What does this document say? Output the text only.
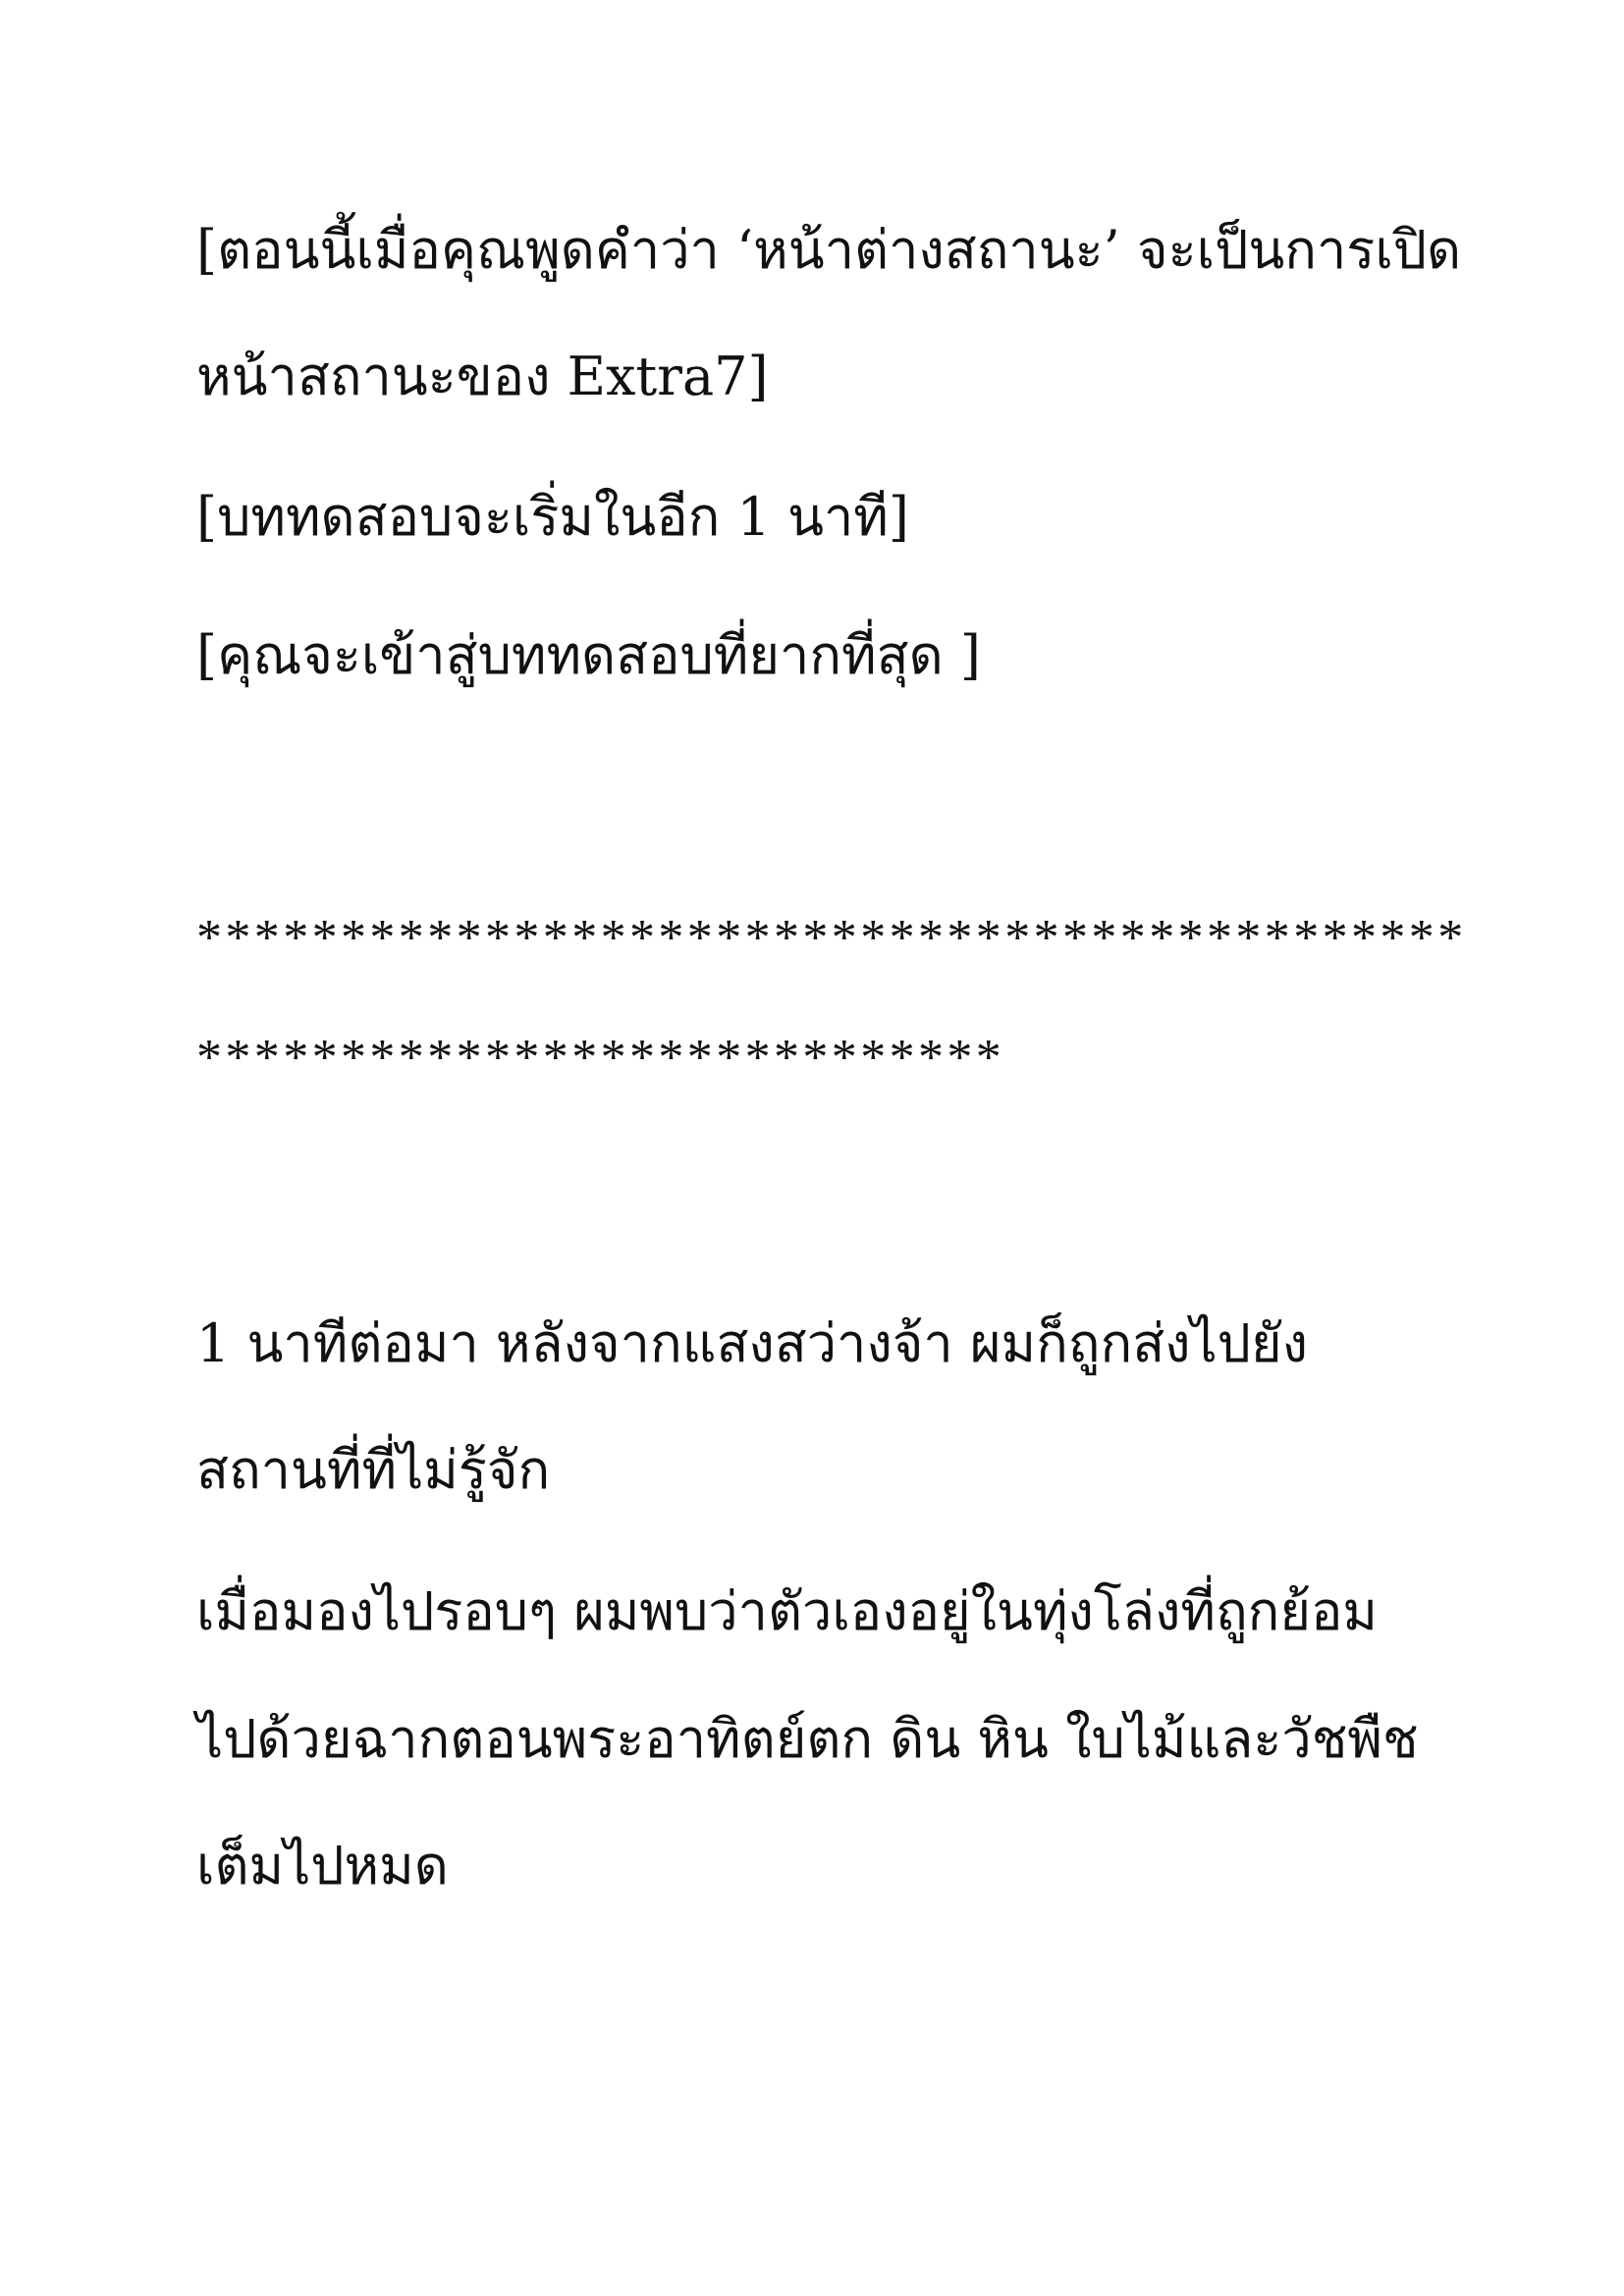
[ตอนนี้เมื่อคุณพูดคำว่า ‘หน้าต่างสถานะ’ จะเป็นการเปิด
หน้าสถานะของ Extra7]
[บททดสอบจะเริ่มในอีก 1 นาที]
[คุณจะเข้าสู่บททดสอบที่ยากที่สุด ]
********************************************
****************************
1 นาทีต่อมา หลังจากแสงสว่างจ้า ผมก็ถูกส่งไปยัง
สถานที่ที่ไม่รู้จัก
เมื่อมองไปรอบๆ ผมพบว่าตัวเองอยู่ในทุ่งโล่งที่ถูกย้อม
ไปด้วยฉากตอนพระอาทิตย์ตก ดิน หิน ใบไม้และวัชพืช
เต็มไปหมด
